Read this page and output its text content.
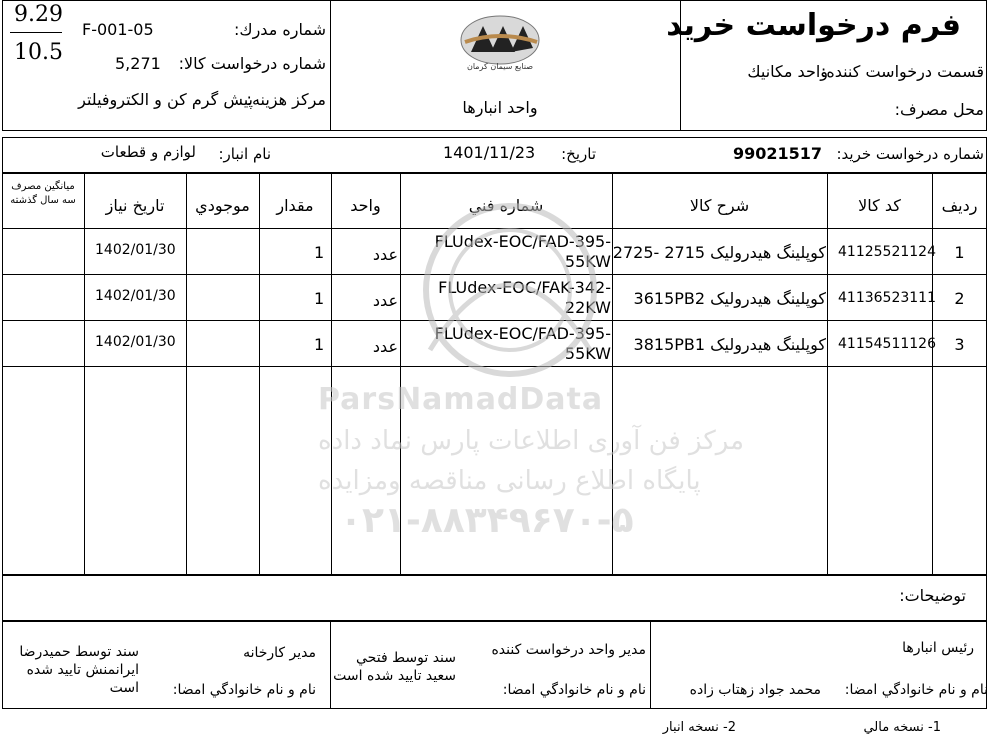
9.29
10.5
فرم درخواست خريد
قسمت درخواست كننده:
واحد مكانيك
محل مصرف:
صنایع سیمان کرمان
واحد انبارها
شماره مدرك:
F-001-05
شماره درخواست كالا:
5,271
مركز هزينه:
پيش گرم كن و الكتروفيلتر
شماره درخواست خريد:
99021517
تاريخ:
1401/11/23
نام انبار:
لوازم و قطعات
رديف
كد كالا
شرح كالا
شماره فني
واحد
مقدار
موجودي
تاريخ نياز
ميانگين مصرف سه سال گذشته
1
41125521124
كوپلينگ هيدروليک 2715 -2725
FLUdex-EOC/FAD-395-
55KW
عدد
1
1402/01/30
2
41136523111
كوپلينگ هيدروليک 3615PB2
FLUdex-EOC/FAK-342-
22KW
عدد
1
1402/01/30
3
41154511126
كوپلينگ هيدروليک 3815PB1
FLUdex-EOC/FAD-395-
55KW
عدد
1
1402/01/30
ParsNamadData
مرکز فن آوری اطلاعات پارس نماد داده
پایگاه اطلاع رسانی مناقصه ومزایده
۰۲۱-۸۸۳۴۹۶۷۰-۵
توضيحات:
رئيس انبارها
نام و نام خانوادگي امضا:
محمد جواد زهتاب زاده
مدير واحد درخواست كننده
نام و نام خانوادگي امضا:
سند توسط فتحي
سعيد تاييد شده است
مدير كارخانه
نام و نام خانوادگي امضا:
سند توسط حميدرضا
ايرانمنش تاييد شده
است
1- نسخه مالي
2- نسخه انبار
